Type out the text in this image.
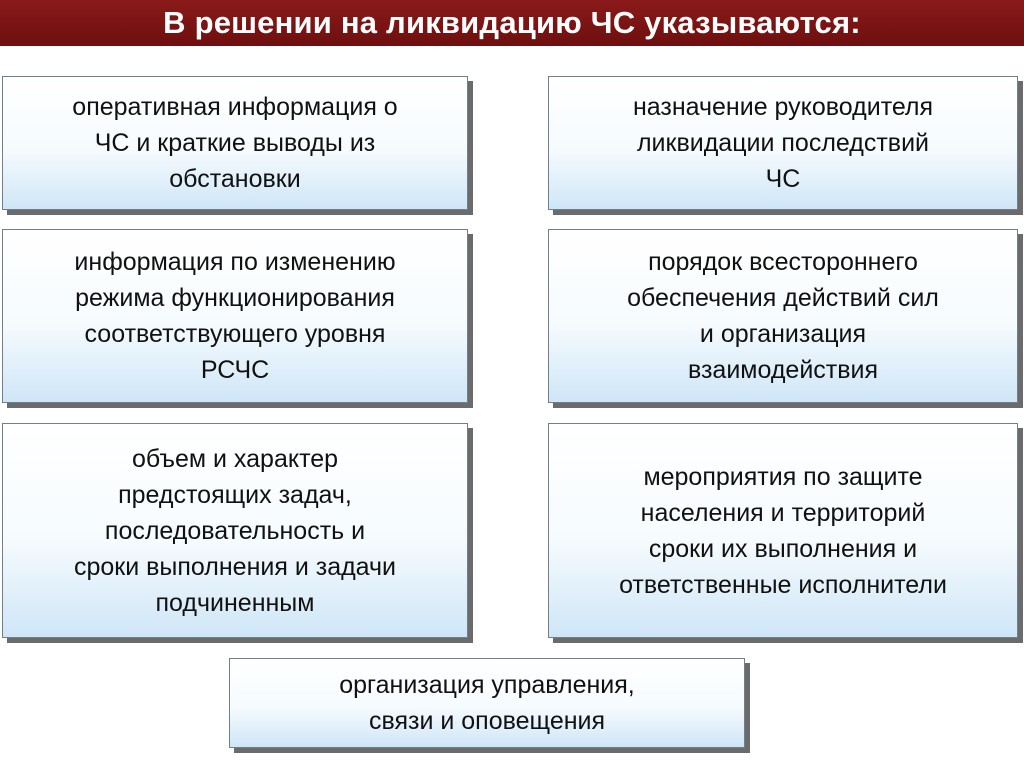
В решении на ликвидацию ЧС указываются:
оперативная информация о
ЧС и краткие выводы из
обстановки
назначение руководителя
ликвидации последствий
ЧС
информация по изменению
режима функционирования
соответствующего уровня
РСЧС
порядок всестороннего
обеспечения действий сил
и организация
взаимодействия
объем и характер
предстоящих задач,
последовательность и
сроки выполнения и задачи
подчиненным
мероприятия по защите
населения и территорий
сроки их выполнения и
ответственные исполнители
организация управления,
связи и оповещения
